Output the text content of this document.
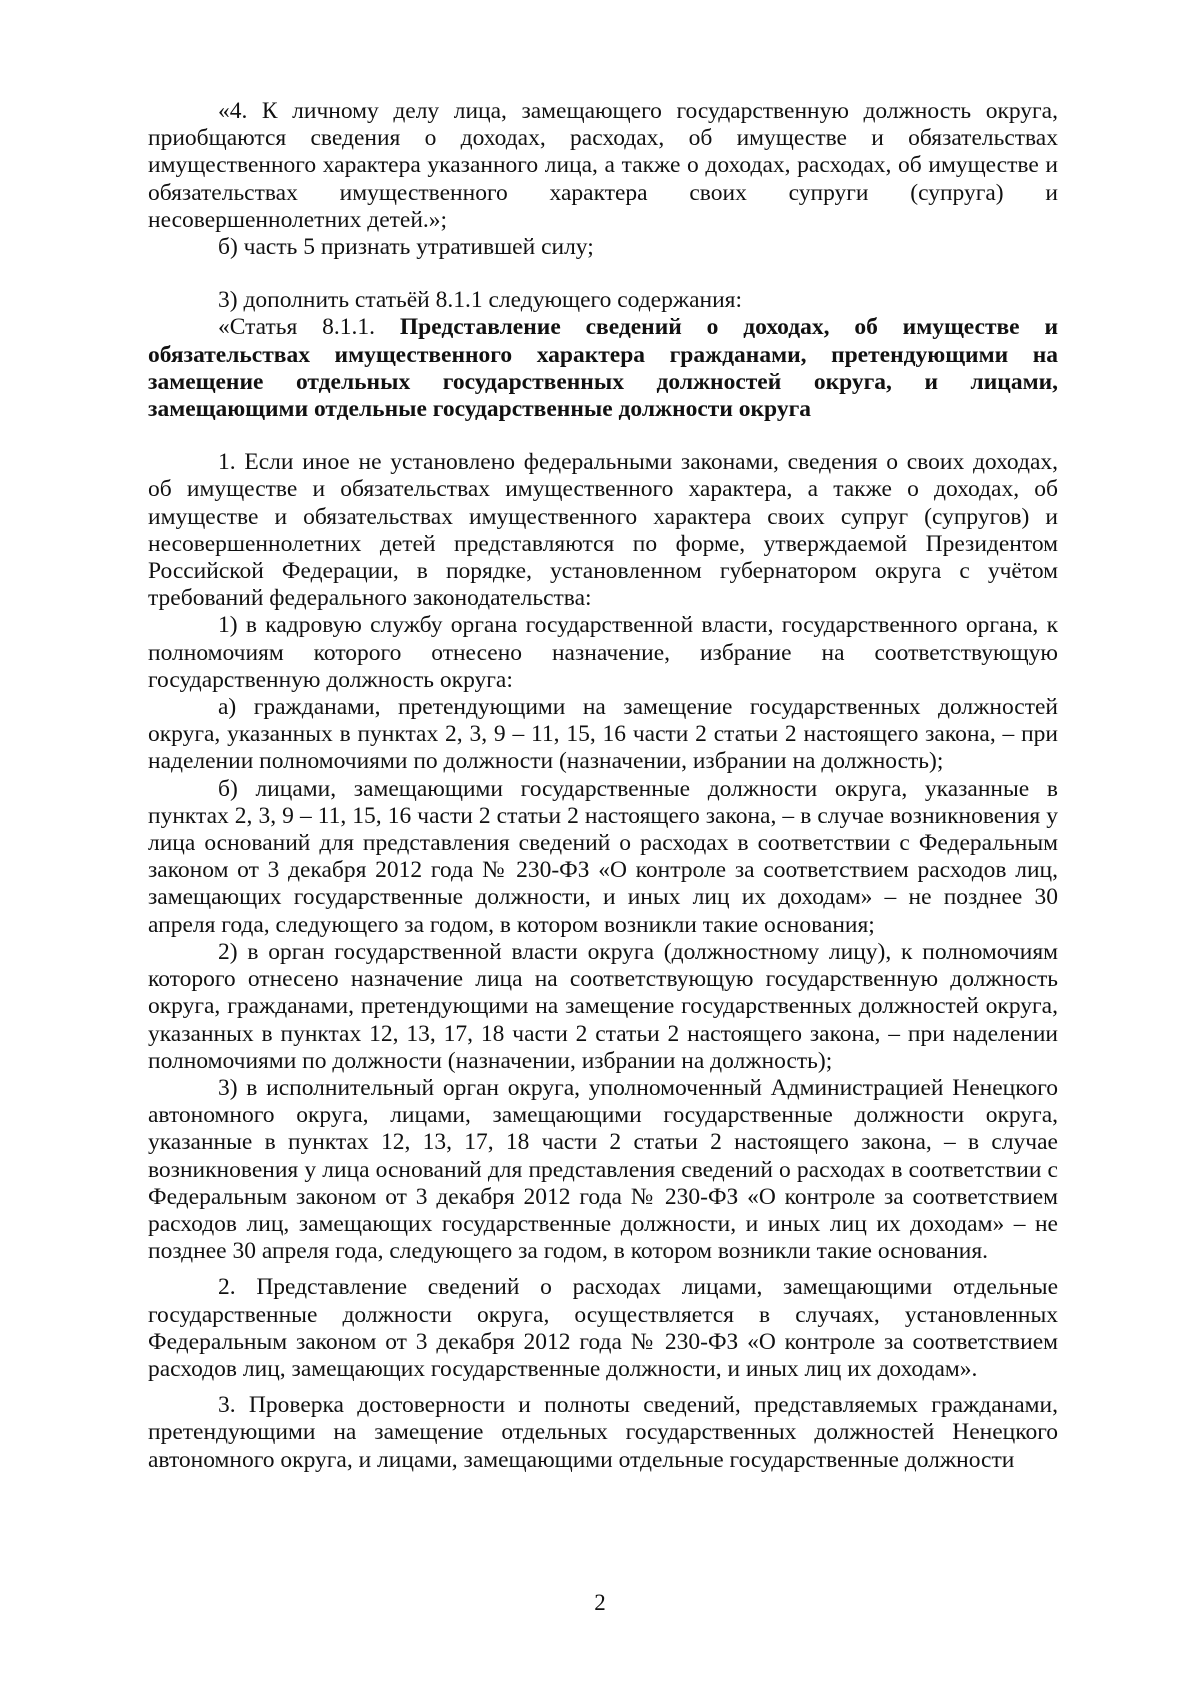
«4. К личному делу лица, замещающего государственную должность округа, приобщаются сведения о доходах, расходах, об имуществе и обязательствах имущественного характера указанного лица, а также о доходах, расходах, об имуществе и обязательствах имущественного характера своих супруги (супруга) и несовершеннолетних детей.»;

б) часть 5 признать утратившей силу;

3) дополнить статьёй 8.1.1 следующего содержания:

«Статья 8.1.1. Представление сведений о доходах, об имуществе и обязательствах имущественного характера гражданами, претендующими на замещение отдельных государственных должностей округа, и лицами, замещающими отдельные государственные должности округа

1. Если иное не установлено федеральными законами, сведения о своих доходах, об имуществе и обязательствах имущественного характера, а также о доходах, об имуществе и обязательствах имущественного характера своих супруг (супругов) и несовершеннолетних детей представляются по форме, утверждаемой Президентом Российской Федерации, в порядке, установленном губернатором округа с учётом требований федерального законодательства:

1) в кадровую службу органа государственной власти, государственного органа, к полномочиям которого отнесено назначение, избрание на соответствующую государственную должность округа:

а) гражданами, претендующими на замещение государственных должностей округа, указанных в пунктах 2, 3, 9 – 11, 15, 16 части 2 статьи 2 настоящего закона, – при наделении полномочиями по должности (назначении, избрании на должность);

б) лицами, замещающими государственные должности округа, указанные в пунктах 2, 3, 9 – 11, 15, 16 части 2 статьи 2 настоящего закона, – в случае возникновения у лица оснований для представления сведений о расходах в соответствии с Федеральным законом от 3 декабря 2012 года № 230-ФЗ «О контроле за соответствием расходов лиц, замещающих государственные должности, и иных лиц их доходам» – не позднее 30 апреля года, следующего за годом, в котором возникли такие основания;

2) в орган государственной власти округа (должностному лицу), к полномочиям которого отнесено назначение лица на соответствующую государственную должность округа, гражданами, претендующими на замещение государственных должностей округа, указанных в пунктах 12, 13, 17, 18 части 2 статьи 2 настоящего закона, – при наделении полномочиями по должности (назначении, избрании на должность);

3) в исполнительный орган округа, уполномоченный Администрацией Ненецкого автономного округа, лицами, замещающими государственные должности округа, указанные в пунктах 12, 13, 17, 18 части 2 статьи 2 настоящего закона, – в случае возникновения у лица оснований для представления сведений о расходах в соответствии с Федеральным законом от 3 декабря 2012 года № 230-ФЗ «О контроле за соответствием расходов лиц, замещающих государственные должности, и иных лиц их доходам» – не позднее 30 апреля года, следующего за годом, в котором возникли такие основания.

2. Представление сведений о расходах лицами, замещающими отдельные государственные должности округа, осуществляется в случаях, установленных Федеральным законом от 3 декабря 2012 года № 230-ФЗ «О контроле за соответствием расходов лиц, замещающих государственные должности, и иных лиц их доходам».

3. Проверка достоверности и полноты сведений, представляемых гражданами, претендующими на замещение отдельных государственных должностей Ненецкого автономного округа, и лицами, замещающими отдельные государственные должности

2
